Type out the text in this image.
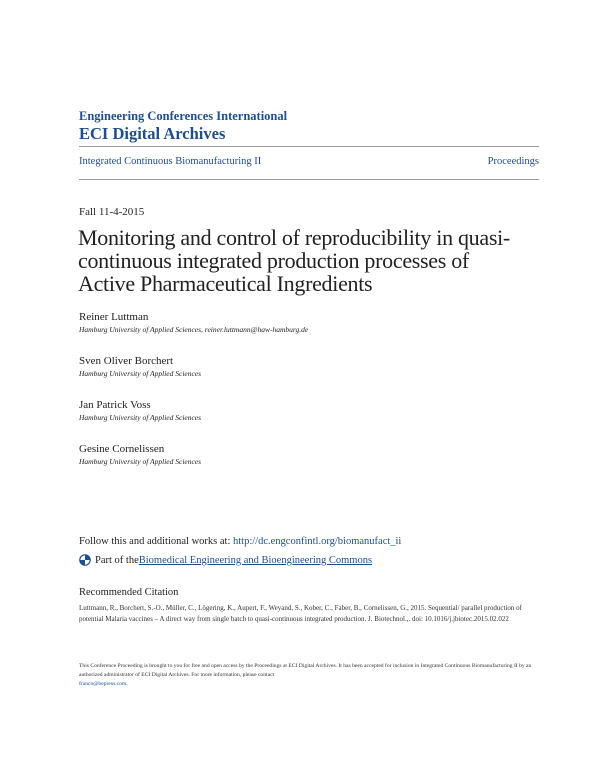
Engineering Conferences International
ECI Digital Archives
Integrated Continuous Biomanufacturing II	Proceedings
Fall 11-4-2015
Monitoring and control of reproducibility in quasi-continuous integrated production processes of Active Pharmaceutical Ingredients
Reiner Luttman
Hamburg University of Applied Sciences, reiner.luttmann@haw-hamburg.de
Sven Oliver Borchert
Hamburg University of Applied Sciences
Jan Patrick Voss
Hamburg University of Applied Sciences
Gesine Cornelissen
Hamburg University of Applied Sciences
Follow this and additional works at: http://dc.engconfintl.org/biomanufact_ii
Part of the Biomedical Engineering and Bioengineering Commons
Recommended Citation
Luttmann, R., Borchert, S.-O., Müller, C., Lögering, K., Aupert, F., Weyand, S., Kober, C., Faber, B., Cornelissen, G., 2015. Sequential/ parallel production of potential Malaria vaccines – A direct way from single batch to quasi-continuous integrated production. J. Biotechnol.,. doi: 10.1016/j.jbiotec.2015.02.022
This Conference Proceeding is brought to you for free and open access by the Proceedings at ECI Digital Archives. It has been accepted for inclusion in Integrated Continuous Biomanufacturing II by an authorized administrator of ECI Digital Archives. For more information, please contact
franco@bepress.com.
